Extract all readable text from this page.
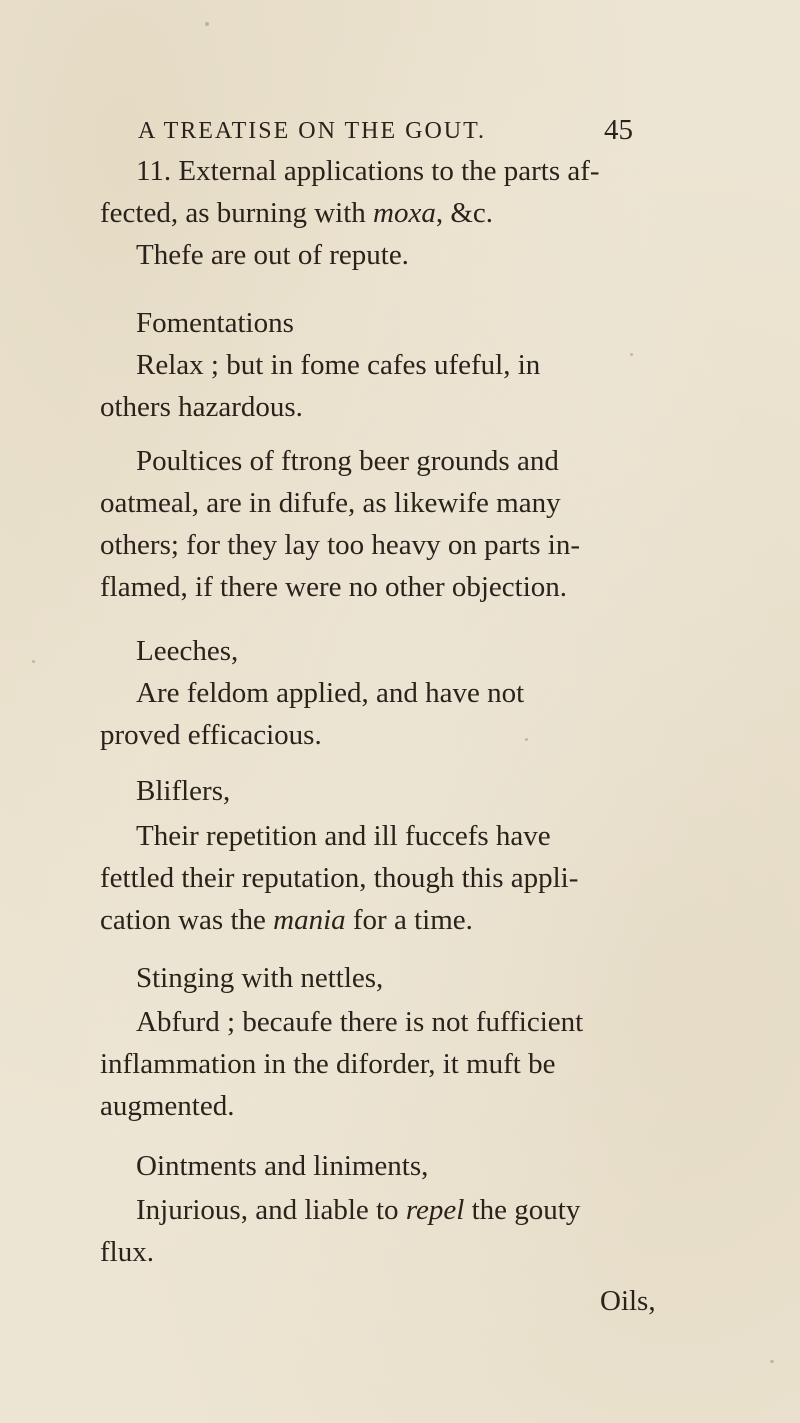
A TREATISE ON THE GOUT.	45
11. External applications to the parts af-
fected, as burning with moxa, &c.
Thefe are out of repute.
Fomentations
Relax ; but in fome cafes ufeful, in
others hazardous.
Poultices of ftrong beer grounds and
oatmeal, are in difufe, as likewife many
others; for they lay too heavy on parts in-
flamed, if there were no other objection.
Leeches,
Are feldom applied, and have not
proved efficacious.
Bliflers,
Their repetition and ill fuccefs have
fettled their reputation, though this appli-
cation was the mania for a time.
Stinging with nettles,
Abfurd ; becaufe there is not fufficient
inflammation in the diforder, it muft be
augmented.
Ointments and liniments,
Injurious, and liable to repel the gouty
flux.
Oils,
